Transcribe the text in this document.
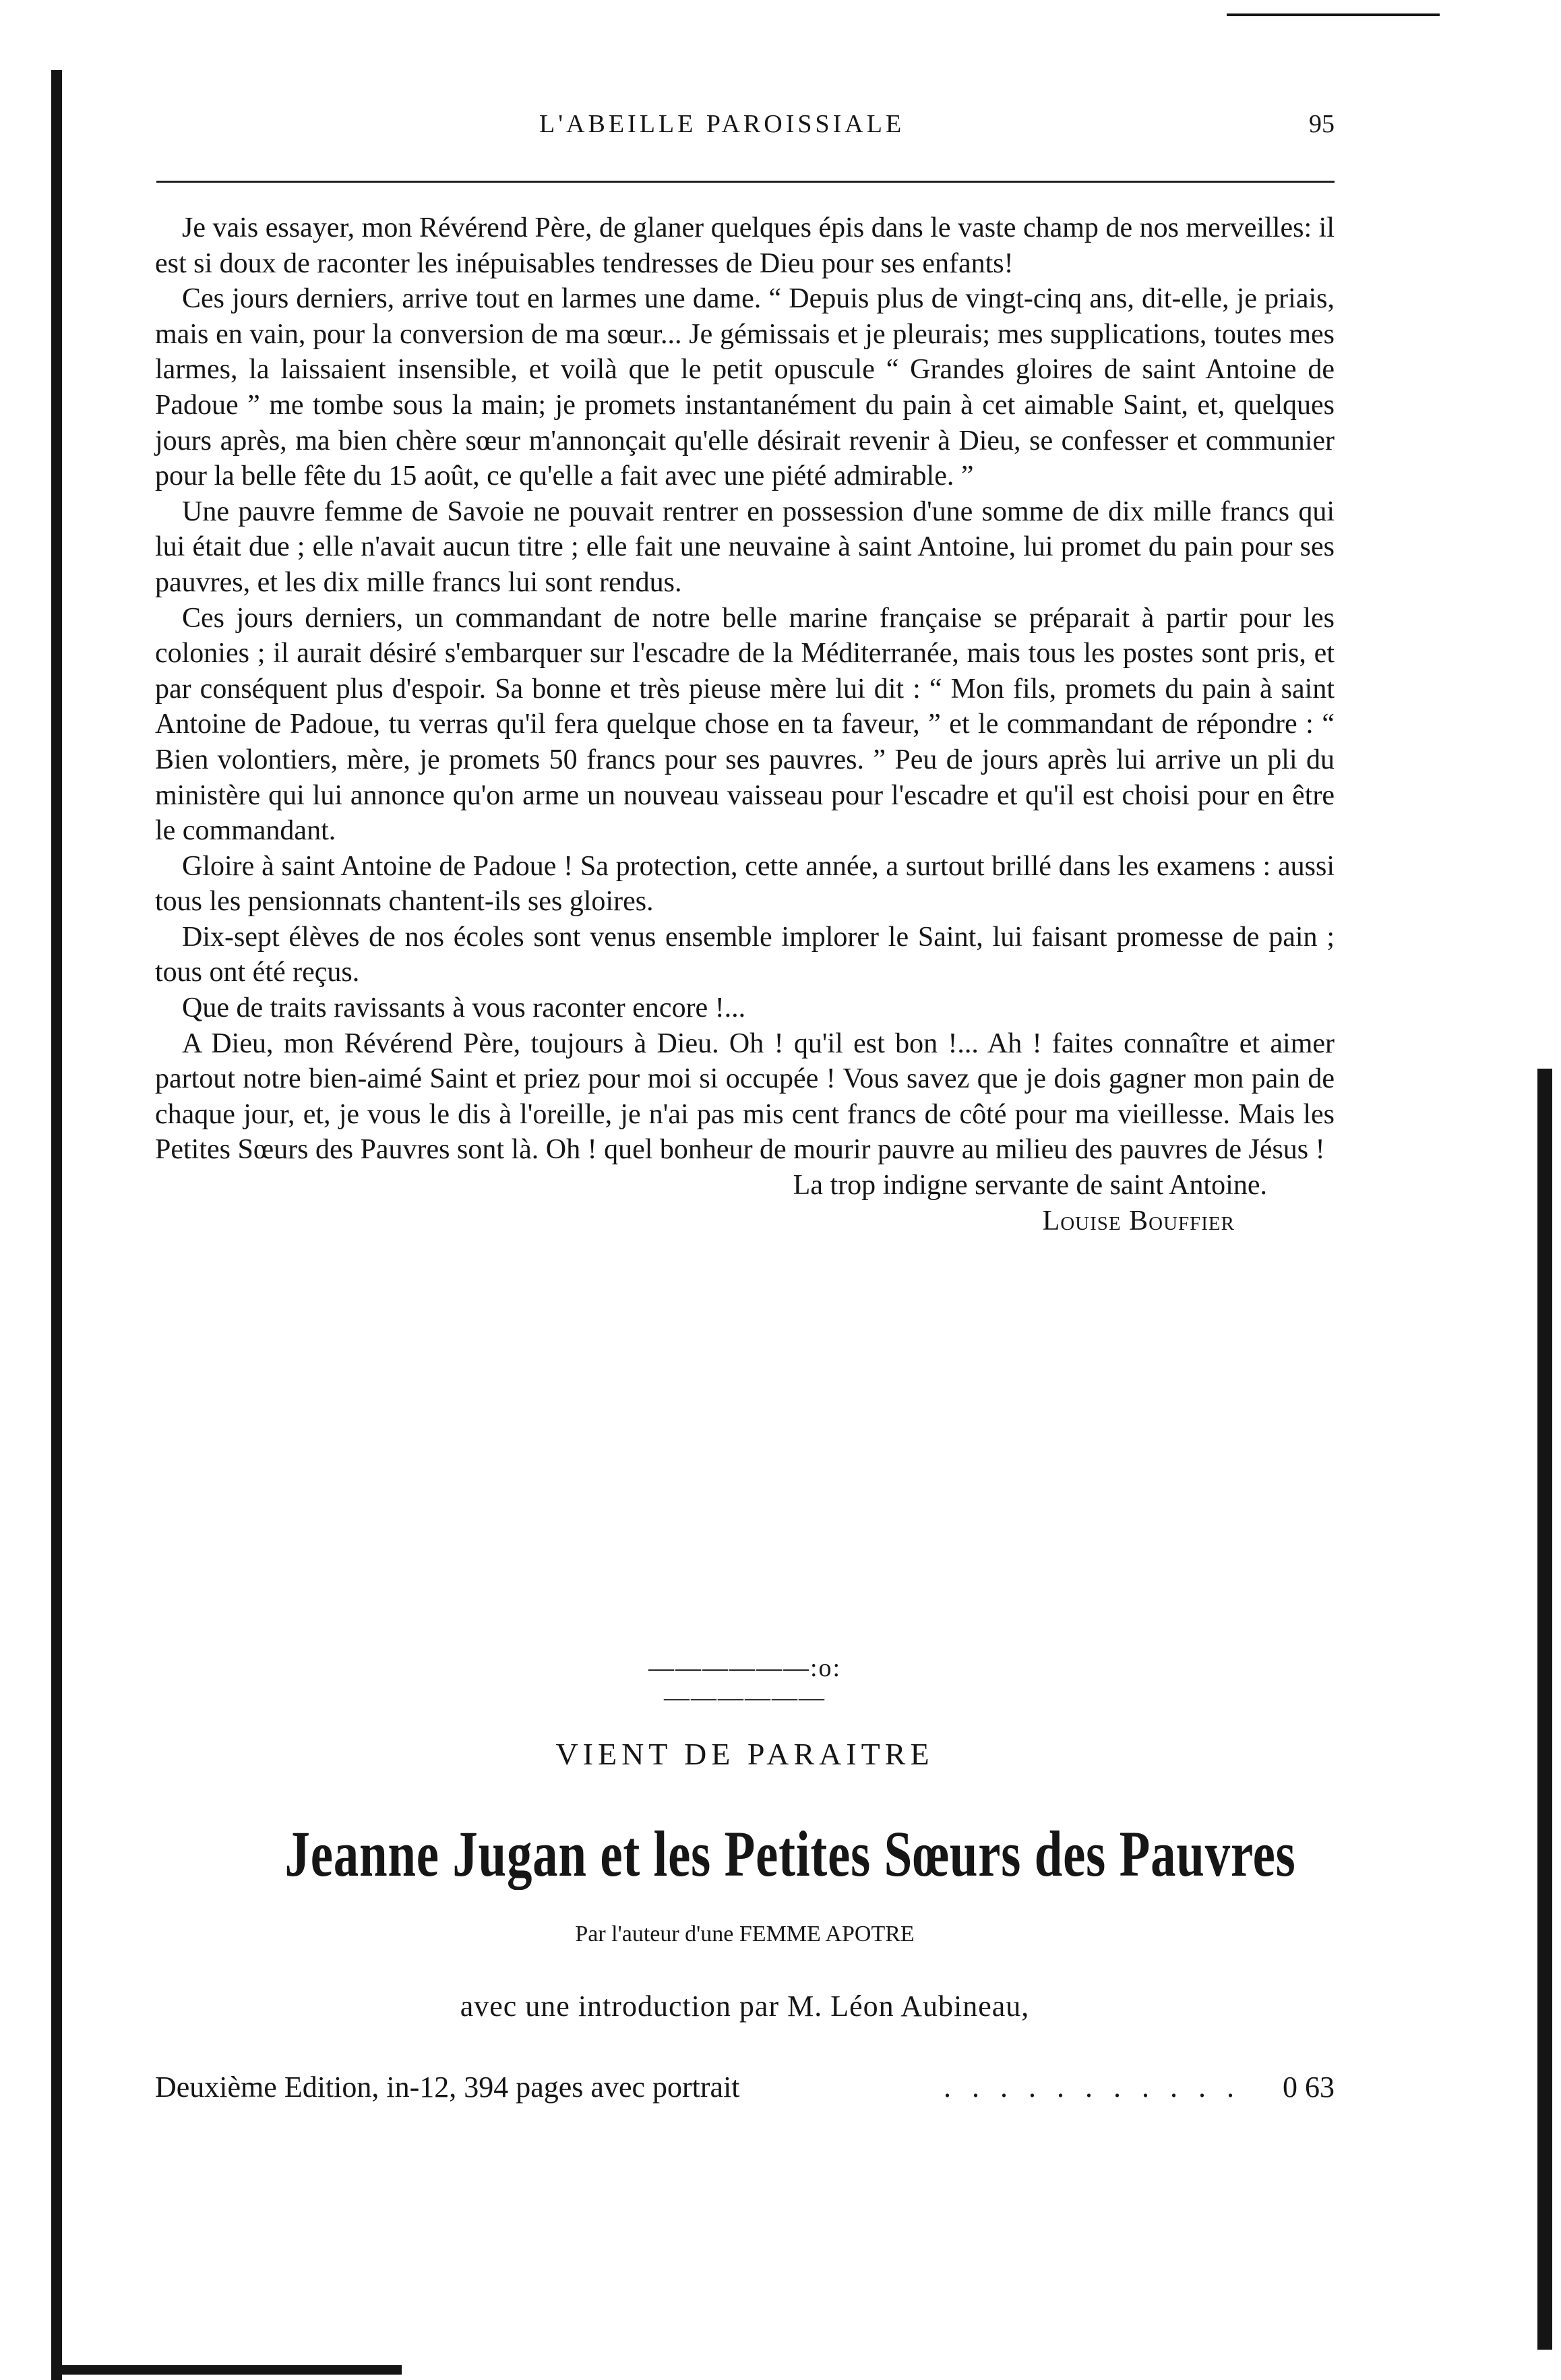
L'ABEILLE PAROISSIALE	95

Je vais essayer, mon Révérend Père, de glaner quelques épis dans le vaste champ de nos merveilles: il est si doux de raconter les inépuisables tendresses de Dieu pour ses enfants!

Ces jours derniers, arrive tout en larmes une dame. “ Depuis plus de vingt-cinq ans, dit-elle, je priais, mais en vain, pour la conversion de ma sœur... Je gémissais et je pleurais; mes supplications, toutes mes larmes, la laissaient insensible, et voilà que le petit opuscule “ Grandes gloires de saint Antoine de Padoue ” me tombe sous la main; je promets instantanément du pain à cet aimable Saint, et, quelques jours après, ma bien chère sœur m'annonçait qu'elle désirait revenir à Dieu, se confesser et communier pour la belle fête du 15 août, ce qu'elle a fait avec une piété admirable. ”

Une pauvre femme de Savoie ne pouvait rentrer en possession d'une somme de dix mille francs qui lui était due ; elle n'avait aucun titre ; elle fait une neuvaine à saint Antoine, lui promet du pain pour ses pauvres, et les dix mille francs lui sont rendus.

Ces jours derniers, un commandant de notre belle marine française se préparait à partir pour les colonies ; il aurait désiré s'embarquer sur l'escadre de la Méditerranée, mais tous les postes sont pris, et par conséquent plus d'espoir. Sa bonne et très pieuse mère lui dit : “ Mon fils, promets du pain à saint Antoine de Padoue, tu verras qu'il fera quelque chose en ta faveur, ” et le commandant de répondre : “ Bien volontiers, mère, je promets 50 francs pour ses pauvres. ” Peu de jours après lui arrive un pli du ministère qui lui annonce qu'on arme un nouveau vaisseau pour l'escadre et qu'il est choisi pour en être le commandant.

Gloire à saint Antoine de Padoue ! Sa protection, cette année, a surtout brillé dans les examens : aussi tous les pensionnats chantent-ils ses gloires.

Dix-sept élèves de nos écoles sont venus ensemble implorer le Saint, lui faisant promesse de pain ; tous ont été reçus.

Que de traits ravissants à vous raconter encore !...

A Dieu, mon Révérend Père, toujours à Dieu. Oh ! qu'il est bon !... Ah ! faites connaître et aimer partout notre bien-aimé Saint et priez pour moi si occupée ! Vous savez que je dois gagner mon pain de chaque jour, et, je vous le dis à l'oreille, je n'ai pas mis cent francs de côté pour ma vieillesse. Mais les Petites Sœurs des Pauvres sont là. Oh ! quel bonheur de mourir pauvre au milieu des pauvres de Jésus !

La trop indigne servante de saint Antoine.

Louise Bouffier

——————:o:——————
VIENT DE PARAITRE
Jeanne Jugan et les Petites Sœurs des Pauvres
Par l'auteur d'une FEMME APOTRE
avec une introduction par M. Léon Aubineau,
Deuxième Edition, in-12, 394 pages avec portrait	. . . . . . . . . . . 0 63
